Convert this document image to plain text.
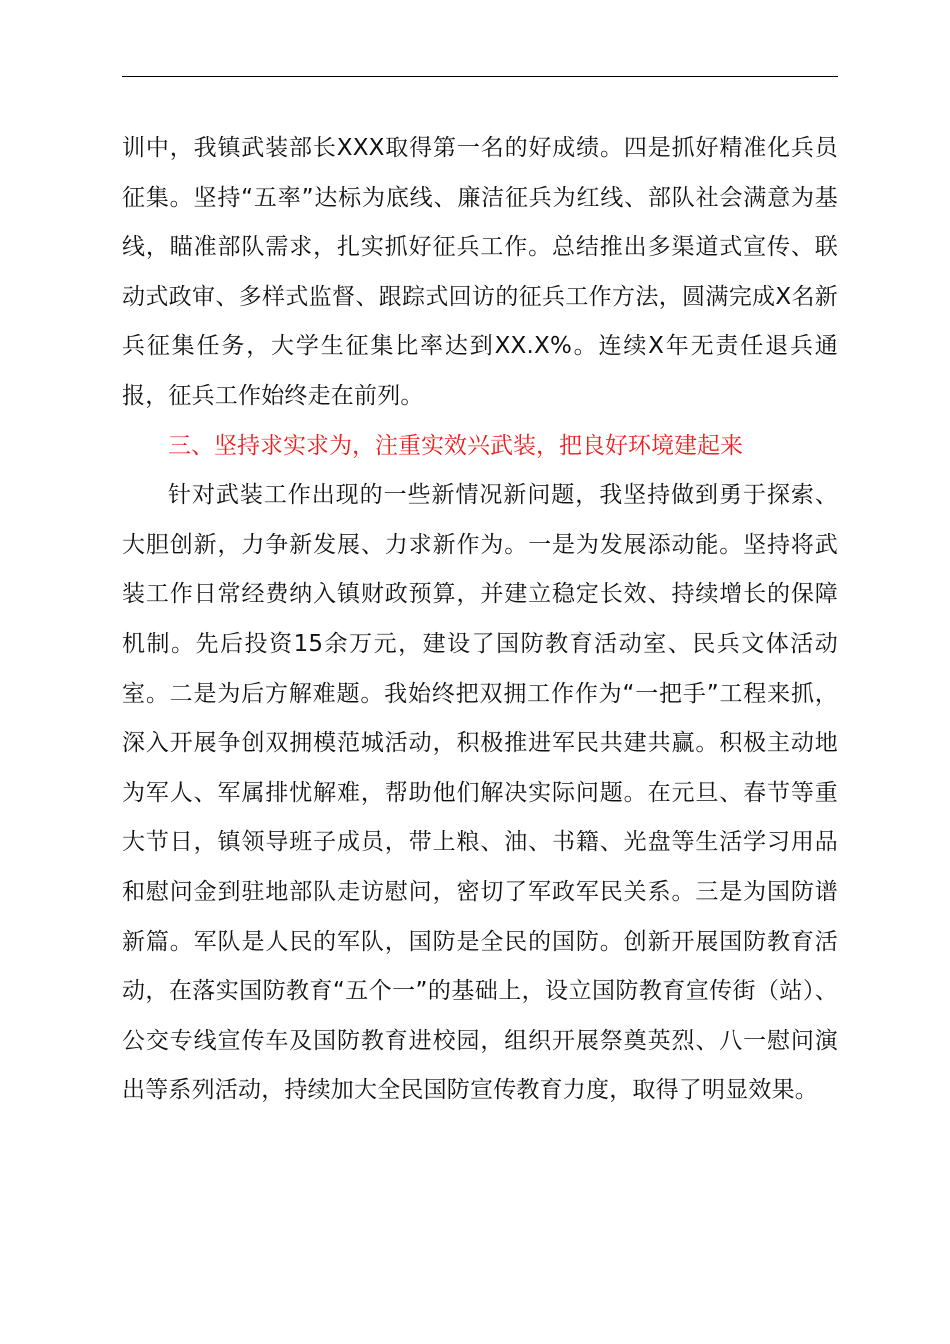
训中，我镇武装部长XXX取得第一名的好成绩。四是抓好精准化兵员征集。坚持“五率”达标为底线、廉洁征兵为红线、部队社会满意为基线，瞄准部队需求，扎实抓好征兵工作。总结推出多渠道式宣传、联动式政审、多样式监督、跟踪式回访的征兵工作方法，圆满完成X名新兵征集任务，大学生征集比率达到XX.X%。连续X年无责任退兵通报，征兵工作始终走在前列。

三、坚持求实求为，注重实效兴武装，把良好环境建起来

针对武装工作出现的一些新情况新问题，我坚持做到勇于探索、大胆创新，力争新发展、力求新作为。一是为发展添动能。坚持将武装工作日常经费纳入镇财政预算，并建立稳定长效、持续增长的保障机制。先后投资15余万元，建设了国防教育活动室、民兵文体活动室。二是为后方解难题。我始终把双拥工作作为“一把手”工程来抓，深入开展争创双拥模范城活动，积极推进军民共建共赢。积极主动地为军人、军属排忧解难，帮助他们解决实际问题。在元旦、春节等重大节日，镇领导班子成员，带上粮、油、书籍、光盘等生活学习用品和慰问金到驻地部队走访慰问，密切了军政军民关系。三是为国防谱新篇。军队是人民的军队，国防是全民的国防。创新开展国防教育活动，在落实国防教育“五个一”的基础上，设立国防教育宣传街（站）、公交专线宣传车及国防教育进校园，组织开展祭奠英烈、八一慰问演出等系列活动，持续加大全民国防宣传教育力度，取得了明显效果。
